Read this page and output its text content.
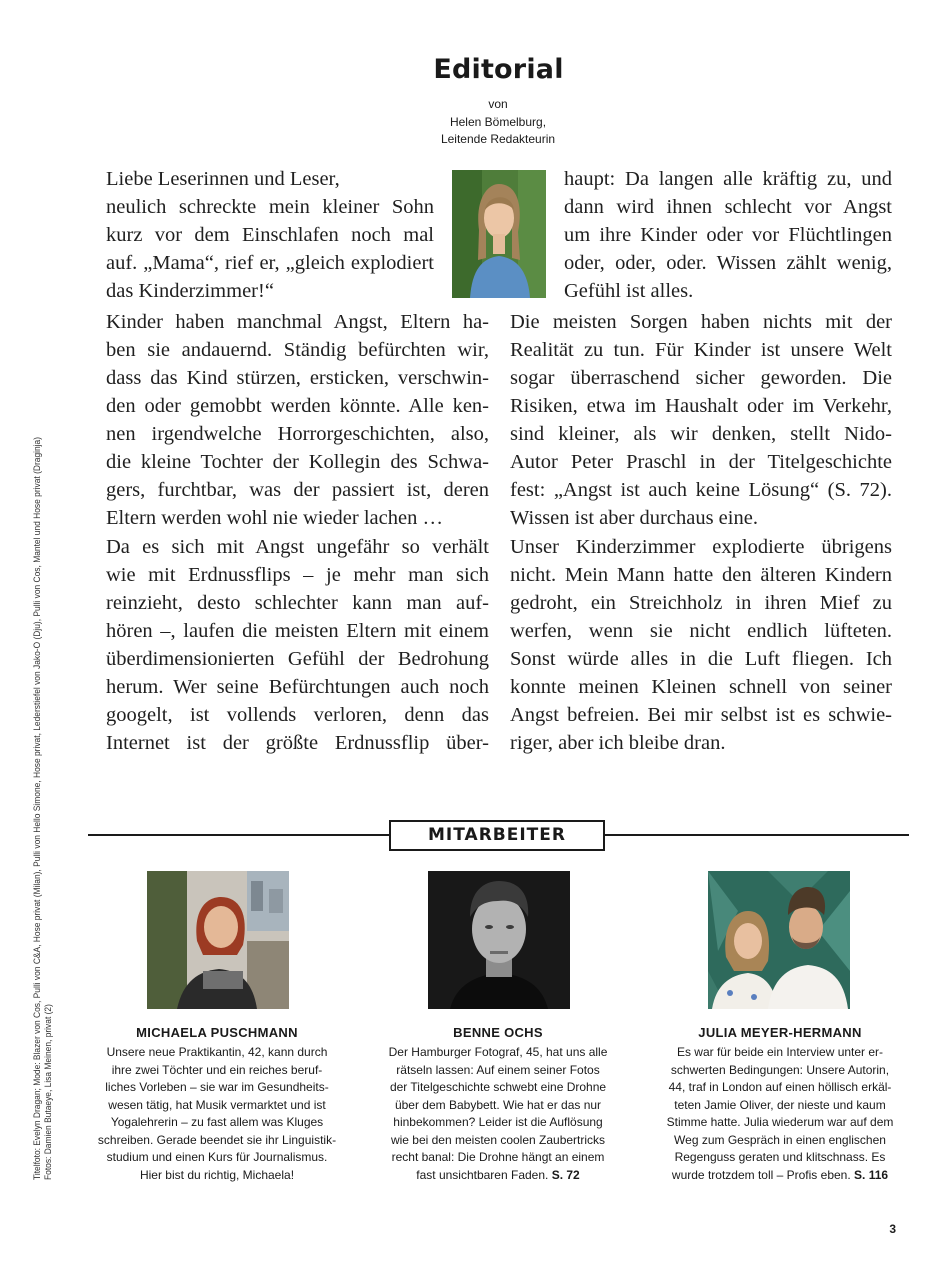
Editorial
von
Helen Bömelburg,
Leitende Redakteurin
Liebe Leserinnen und Leser,
neulich schreckte mein kleiner Sohn
kurz vor dem Einschlafen noch mal
auf. „Mama“, rief er, „gleich explodiert
das Kinderzimmer!“
Kinder haben manchmal Angst, Eltern ha-
ben sie andauernd. Ständig befürchten wir,
dass das Kind stürzen, ersticken, verschwin-
den oder gemobbt werden könnte. Alle ken-
nen irgendwelche Horrorgeschichten, also,
die kleine Tochter der Kollegin des Schwa-
gers, furchtbar, was der passiert ist, deren
Eltern werden wohl nie wieder lachen …
Da es sich mit Angst ungefähr so verhält
wie mit Erdnussflips – je mehr man sich
reinzieht, desto schlechter kann man auf-
hören –, laufen die meisten Eltern mit einem
überdimensionierten Gefühl der Bedrohung
herum. Wer seine Befürchtungen auch noch
googelt, ist vollends verloren, denn das
Internet ist der größte Erdnussflip über-
haupt: Da langen alle kräftig zu, und
dann wird ihnen schlecht vor Angst
um ihre Kinder oder vor Flüchtlingen
oder, oder, oder. Wissen zählt wenig,
Gefühl ist alles.
Die meisten Sorgen haben nichts mit der
Realität zu tun. Für Kinder ist unsere Welt
sogar überraschend sicher geworden. Die
Risiken, etwa im Haushalt oder im Verkehr,
sind kleiner, als wir denken, stellt Nido-
Autor Peter Praschl in der Titelgeschichte
fest: „Angst ist auch keine Lösung“ (S. 72).
Wissen ist aber durchaus eine.
Unser Kinderzimmer explodierte übrigens
nicht. Mein Mann hatte den älteren Kindern
gedroht, ein Streichholz in ihren Mief zu
werfen, wenn sie nicht endlich lüfteten.
Sonst würde alles in die Luft fliegen. Ich
konnte meinen Kleinen schnell von seiner
Angst befreien. Bei mir selbst ist es schwie-
riger, aber ich bleibe dran.
Titelfoto: Evelyn Dragan; Mode: Blazer von Cos, Pulli von C&A, Hose privat (Milan), Pulli von Hello Simone, Hose privat, Lederstiefel von Jako-O (Dju), Pulli von Cos, Mantel und Hose privat (Draginja) Fotos: Damien Butaeye, Lisa Meinen, privat (2)
MITARBEITER
MICHAELA PUSCHMANN
Unsere neue Praktikantin, 42, kann durch
ihre zwei Töchter und ein reiches beruf-
liches Vorleben – sie war im Gesundheits-
wesen tätig, hat Musik vermarktet und ist
Yogalehrerin – zu fast allem was Kluges
schreiben. Gerade beendet sie ihr Linguistik-
studium und einen Kurs für Journalismus.
Hier bist du richtig, Michaela!
BENNE OCHS
Der Hamburger Fotograf, 45, hat uns alle
rätseln lassen: Auf einem seiner Fotos
der Titelgeschichte schwebt eine Drohne
über dem Babybett. Wie hat er das nur
hinbekommen? Leider ist die Auflösung
wie bei den meisten coolen Zaubertricks
recht banal: Die Drohne hängt an einem
fast unsichtbaren Faden. S. 72
JULIA MEYER-HERMANN
Es war für beide ein Interview unter er-
schwerten Bedingungen: Unsere Autorin,
44, traf in London auf einen höllisch erkäl-
teten Jamie Oliver, der nieste und kaum
Stimme hatte. Julia wiederum war auf dem
Weg zum Gespräch in einen englischen
Regenguss geraten und klitschnass. Es
wurde trotzdem toll – Profis eben. S. 116
3
